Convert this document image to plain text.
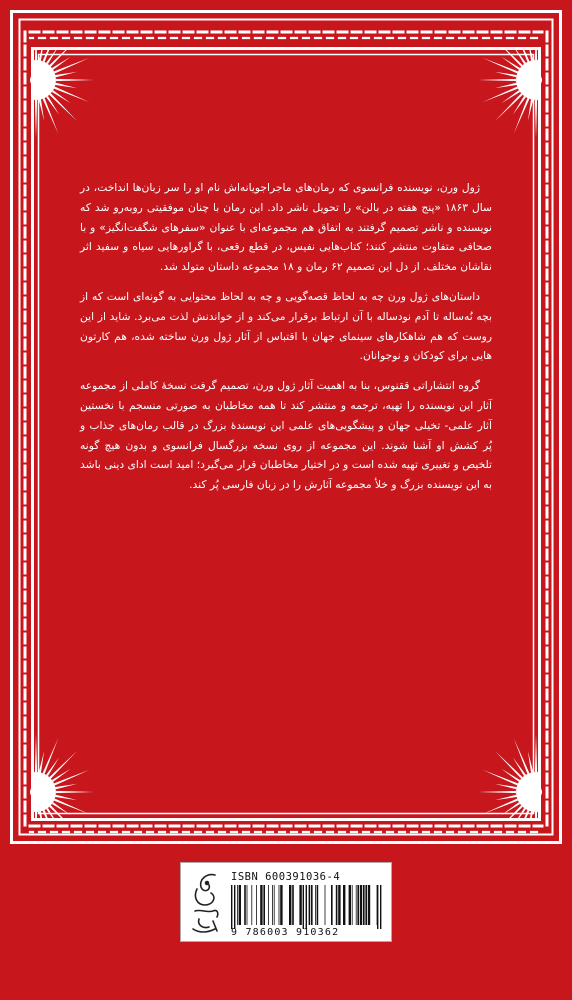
ژول ورن، نویسنده فرانسوی که رمان‌های ماجراجویانه‌اش نام او را سر زبان‌ها انداخت، در سال ۱۸۶۳ «پنج هفته در بالن» را تحویل ناشر داد. این رمان با چنان موفقیتی روبه‌رو شد که نویسنده و ناشر تصمیم گرفتند به اتفاق هم مجموعه‌ای با عنوان «سفرهای شگفت‌انگیز» و با صحافی متفاوت منتشر کنند؛ کتاب‌هایی نفیس، در قطع رقعی، با گراورهایی سیاه و سفید اثر نقاشان مختلف. از دل این تصمیم ۶۲ رمان و ۱۸ مجموعه داستان متولد شد.

داستان‌های ژول ورن چه به لحاظ قصه‌گویی و چه به لحاظ محتوایی به گونه‌ای است که از بچه نُه‌ساله تا آدم نودساله با آن ارتباط برقرار می‌کند و از خواندنش لذت می‌برد. شاید از این روست که هم شاهکارهای سینمای جهان با اقتباس از آثار ژول ورن ساخته شده، هم کارتون هایی برای کودکان و نوجوانان.

گروه انتشاراتی ققنوس، بنا به اهمیت آثار ژول ورن، تصمیم گرفت نسخهٔ کاملی از مجموعه آثار این نویسنده را تهیه، ترجمه و منتشر کند تا همه مخاطبان به صورتی منسجم با نخستین آثار علمی- تخیلی جهان و پیشگویی‌های علمی این نویسندهٔ بزرگ در قالب رمان‌های جذاب و پُر کشش او آشنا شوند. این مجموعه از روی نسخه بزرگسال فرانسوی و بدون هیچ گونه تلخیص و تغییری تهیه شده است و در اختیار مخاطبان قرار می‌گیرد؛ امید است ادای دینی باشد به این نویسنده بزرگ و خلأ مجموعه آثارش را در زبان فارسی پُر کند.

ISBN 600391036-4
9 786003 910362
